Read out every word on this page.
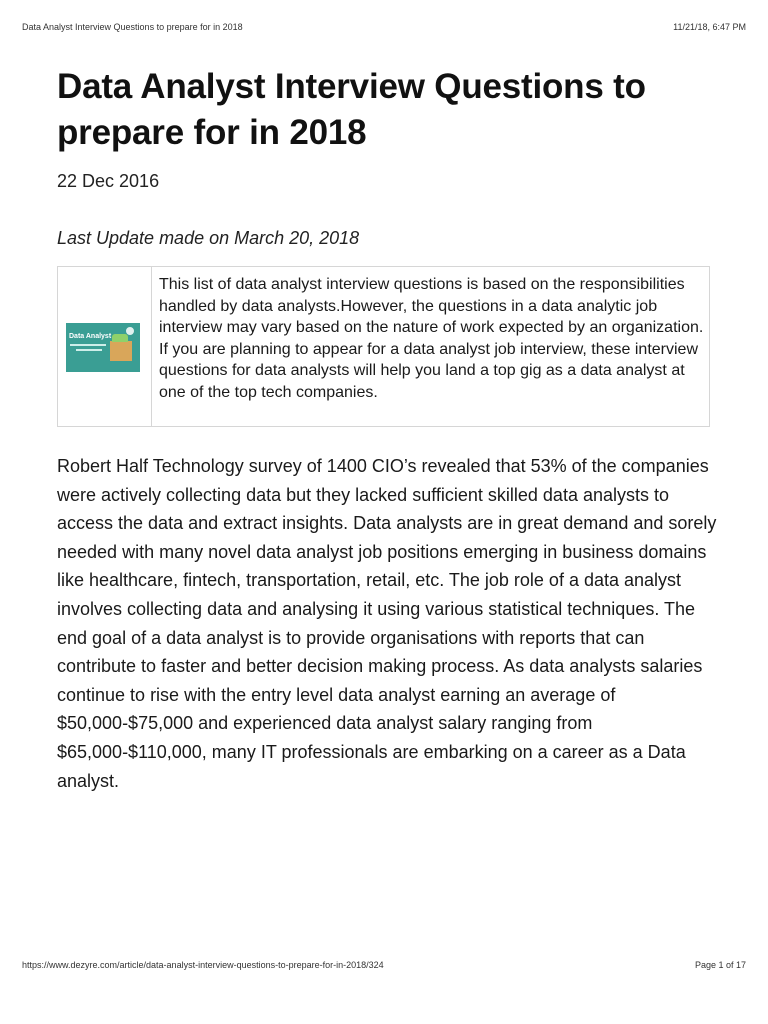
Data Analyst Interview Questions to prepare for in 2018	11/21/18, 6:47 PM
Data Analyst Interview Questions to prepare for in 2018
22 Dec 2016
Last Update made on March 20, 2018
Data Analyst
This list of data analyst interview questions is based on the responsibilities handled by data analysts.However, the questions in a data analytic job interview may vary based on the nature of work expected by an organization. If you are planning to appear for a data analyst job interview, these interview questions for data analysts will help you land a top gig as a data analyst at one of the top tech companies.

Robert Half Technology survey of 1400 CIO’s revealed that 53% of the companies were actively collecting data but they lacked sufficient skilled data analysts to access the data and extract insights. Data analysts are in great demand and sorely needed with many novel data analyst job positions emerging in business domains like healthcare, fintech, transportation, retail, etc. The job role of a data analyst involves collecting data and analysing it using various statistical techniques. The end goal of a data analyst is to provide organisations with reports that can contribute to faster and better decision making process. As data analysts salaries continue to rise with the entry level data analyst earning an average of $50,000-$75,000 and experienced data analyst salary ranging from $65,000-$110,000, many IT professionals are embarking on a career as a Data analyst.

https://www.dezyre.com/article/data-analyst-interview-questions-to-prepare-for-in-2018/324	Page 1 of 17
